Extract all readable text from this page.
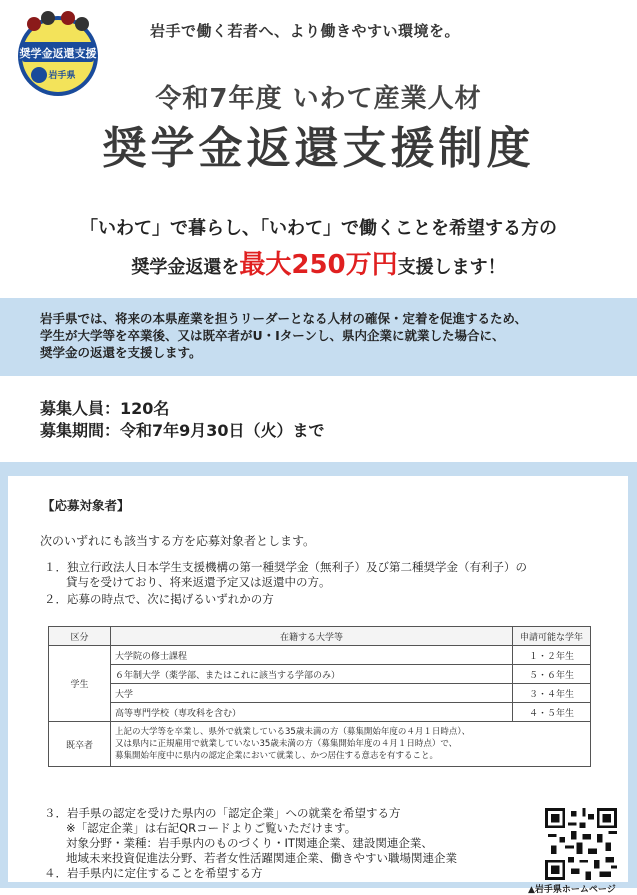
奨学金返還支援
岩手県
岩手で働く若者へ、より働きやすい環境を。
令和7年度 いわて産業人材
奨学金返還支援制度
「いわて」で暮らし、「いわて」で働くことを希望する方の
奨学金返還を最大250万円支援します！

岩手県では、将来の本県産業を担うリーダーとなる人材の確保・定着を促進するため、

学生が大学等を卒業後、又は既卒者がU・Iターンし、県内企業に就業した場合に、

奨学金の返還を支援します。

募集人員：120名
募集期間：令和7年9月30日（火）まで
【応募対象者】
次のいずれにも該当する方を応募対象者とします。
１．独立行政法人日本学生支援機構の第一種奨学金（無利子）及び第二種奨学金（有利子）の
貸与を受けており、将来返還予定又は返還中の方。
２．応募の時点で、次に掲げるいずれかの方
区分	在籍する大学等	申請可能な学年
学生	大学院の修士課程	１・２年生
	６年制大学（薬学部、またはこれに該当する学部のみ）	５・６年生
	大学	３・４年生
	高等専門学校（専攻科を含む）	４・５年生
既卒者	上記の大学等を卒業し、県外で就業している35歳未満の方（募集開始年度の４月１日時点）、
又は県内に正規雇用で就業していない35歳未満の方（募集開始年度の４月１日時点）で、
募集開始年度中に県内の認定企業において就業し、かつ居住する意志を有すること。	
３．岩手県の認定を受けた県内の「認定企業」への就業を希望する方
※「認定企業」は右記QRコードよりご覧いただけます。
対象分野・業種：岩手県内のものづくり・IT関連企業、建設関連企業、
地域未来投資促進法分野、若者女性活躍関連企業、働きやすい職場関連企業
４．岩手県内に定住することを希望する方
▲岩手県ホームページ
